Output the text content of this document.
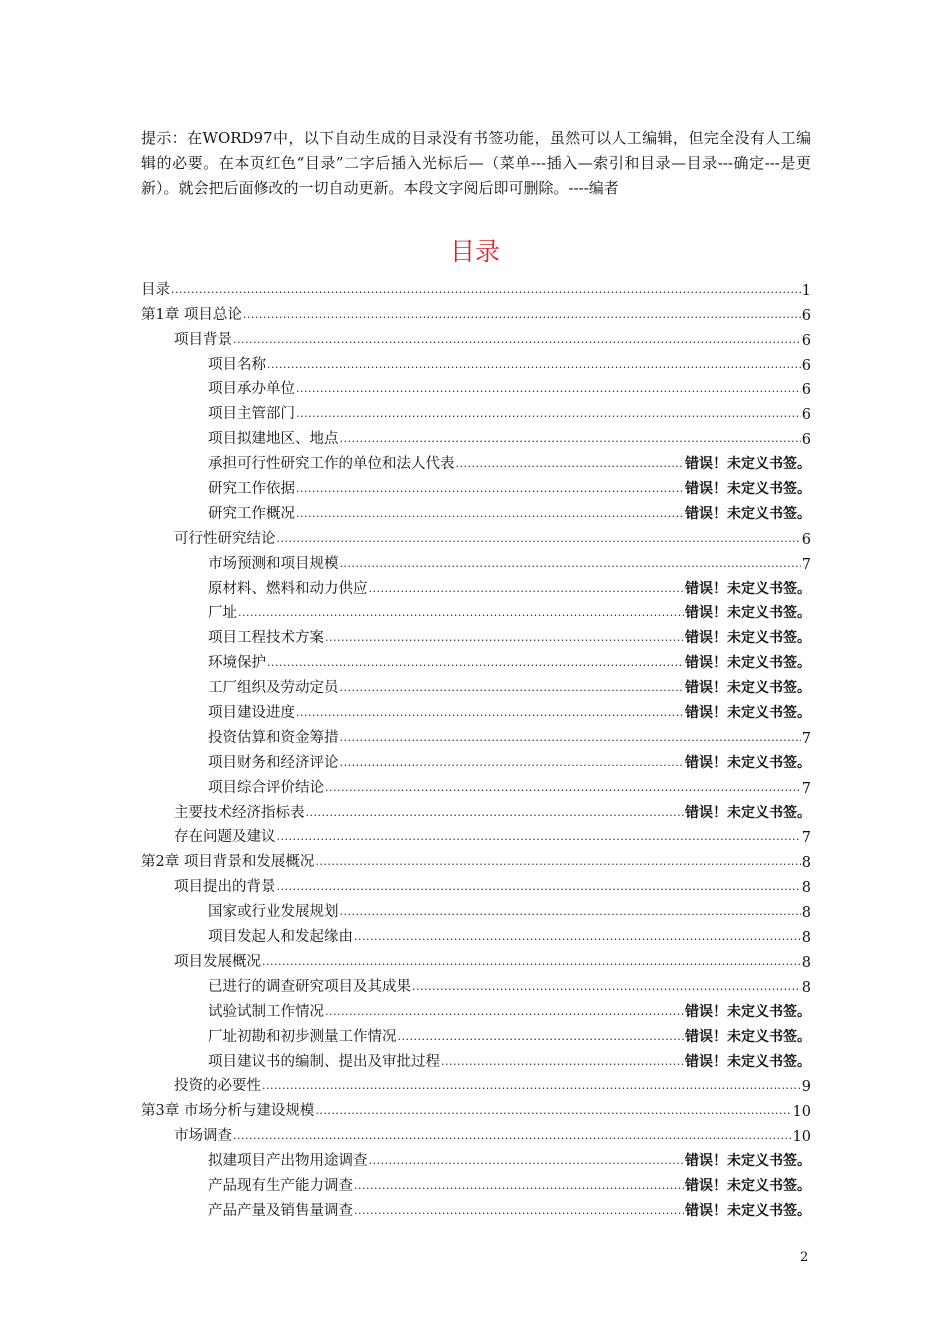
提示：在WORD97中，以下自动生成的目录没有书签功能，虽然可以人工编辑，但完全没有人工编辑的必要。在本页红色“目录”二字后插入光标后—（菜单---插入—索引和目录—目录---确定---是更新）。就会把后面修改的一切自动更新。本段文字阅后即可删除。----编者
目录
目录 .....	1
第1章 项目总论 .....	6
项目背景 .....	6
项目名称 .....	6
项目承办单位 .....	6
项目主管部门 .....	6
项目拟建地区、地点 .....	6
承担可行性研究工作的单位和法人代表 .....	错误！未定义书签。
研究工作依据 .....	错误！未定义书签。
研究工作概况 .....	错误！未定义书签。
可行性研究结论 .....	6
市场预测和项目规模 .....	7
原材料、燃料和动力供应 .....	错误！未定义书签。
厂址 .....	错误！未定义书签。
项目工程技术方案 .....	错误！未定义书签。
环境保护 .....	错误！未定义书签。
工厂组织及劳动定员 .....	错误！未定义书签。
项目建设进度 .....	错误！未定义书签。
投资估算和资金筹措 .....	7
项目财务和经济评论 .....	错误！未定义书签。
项目综合评价结论 .....	7
主要技术经济指标表 .....	错误！未定义书签。
存在问题及建议 .....	7
第2章 项目背景和发展概况 .....	8
项目提出的背景 .....	8
国家或行业发展规划 .....	8
项目发起人和发起缘由 .....	8
项目发展概况 .....	8
已进行的调查研究项目及其成果 .....	8
试验试制工作情况 .....	错误！未定义书签。
厂址初勘和初步测量工作情况 .....	错误！未定义书签。
项目建议书的编制、提出及审批过程 .....	错误！未定义书签。
投资的必要性 .....	9
第3章 市场分析与建设规模 .....	10
市场调查 .....	10
拟建项目产出物用途调查 .....	错误！未定义书签。
产品现有生产能力调查 .....	错误！未定义书签。
产品产量及销售量调查 .....	错误！未定义书签。
2
